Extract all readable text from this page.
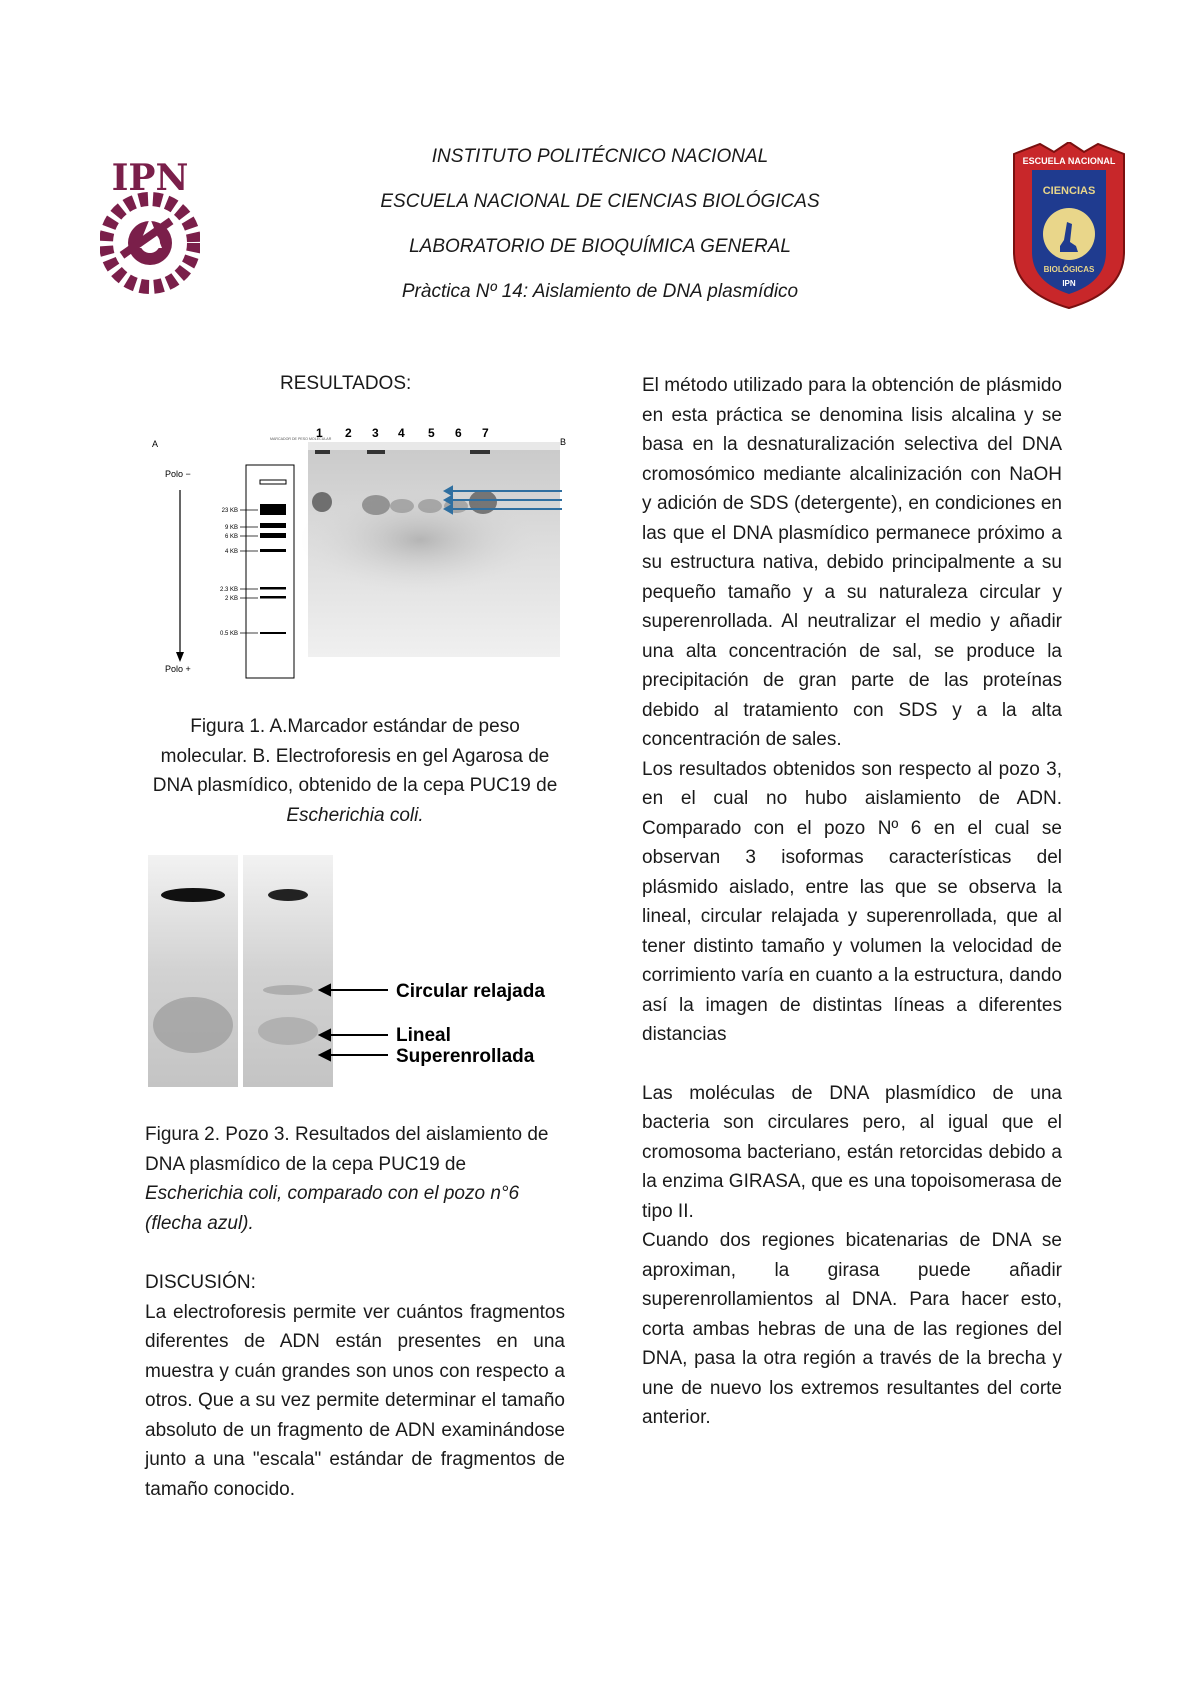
IPN	ESCUELA NACIONAL
CIENCIAS
BIOLÓGICAS
IPN
INSTITUTO POLITÉCNICO NACIONAL
ESCUELA NACIONAL DE CIENCIAS BIOLÓGICAS
LABORATORIO DE BIOQUÍMICA GENERAL
Pràctica Nº 14: Aislamiento de DNA plasmídico
RESULTADOS:
A	B
MARCADOR DE PESO MOLECULAR
Polo −
Polo +
23 KB
9 KB
6 KB
4 KB
2.3 KB
2 KB
0.5 KB
1 2 3 4 5 6 7
Figura 1. A.Marcador estándar de peso molecular. B. Electroforesis en gel Agarosa de DNA plasmídico, obtenido de la cepa PUC19 de Escherichia coli.
Circular relajada
Lineal
Superenrollada
Figura 2. Pozo 3. Resultados del aislamiento de DNA plasmídico de la cepa PUC19 de Escherichia coli, comparado con el pozo n°6 (flecha azul).

DISCUSIÓN:

La electroforesis permite ver cuántos fragmentos diferentes de ADN están presentes en una muestra y cuán grandes son unos con respecto a otros. Que a su vez permite determinar el tamaño absoluto de un fragmento de ADN examinándose junto a una "escala" estándar de fragmentos de tamaño conocido.

El método utilizado para la obtención de plásmido en esta práctica se denomina lisis alcalina y se basa en la desnaturalización selectiva del DNA cromosómico mediante alcalinización con NaOH y adición de SDS (detergente), en condiciones en las que el DNA plasmídico permanece próximo a su estructura nativa, debido principalmente a su pequeño tamaño y a su naturaleza circular y superenrollada. Al neutralizar el medio y añadir una alta concentración de sal, se produce la precipitación de gran parte de las proteínas debido al tratamiento con SDS y a la alta concentración de sales.

Los resultados obtenidos son respecto al pozo 3, en el cual no hubo aislamiento de ADN. Comparado con el pozo Nº 6 en el cual se observan 3 isoformas características del plásmido aislado, entre las que se observa la lineal, circular relajada y superenrollada, que al tener distinto tamaño y volumen la velocidad de corrimiento varía en cuanto a la estructura, dando así la imagen de distintas líneas a diferentes distancias

Las moléculas de DNA plasmídico de una bacteria son circulares pero, al igual que el cromosoma bacteriano, están retorcidas debido a la enzima GIRASA, que es una topoisomerasa de tipo II.

Cuando dos regiones bicatenarias de DNA se aproximan, la girasa puede añadir superenrollamientos al DNA. Para hacer esto, corta ambas hebras de una de las regiones del DNA, pasa la otra región a través de la brecha y une de nuevo los extremos resultantes del corte anterior.
